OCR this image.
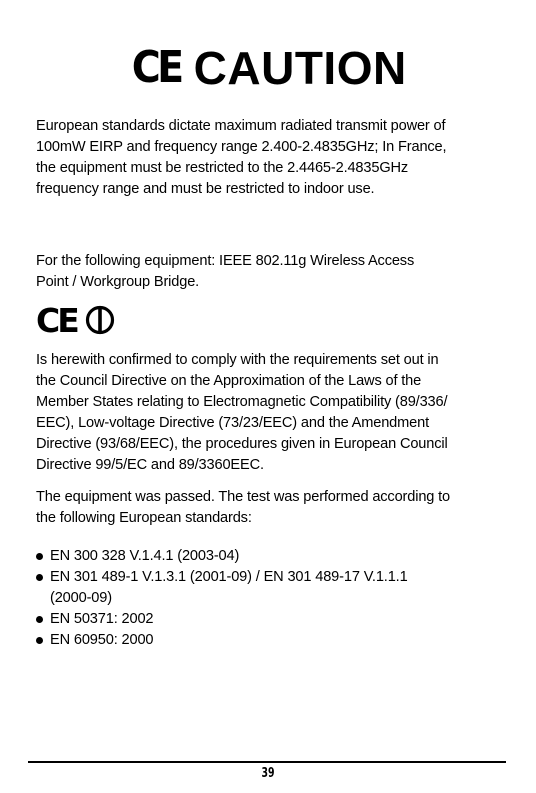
CE CAUTION
European standards dictate maximum radiated transmit power of
100mW EIRP and frequency range 2.400-2.4835GHz; In France,
the equipment must be restricted to the 2.4465-2.4835GHz
frequency range and must be restricted to indoor use.
For the following equipment: IEEE 802.11g Wireless Access
Point / Workgroup Bridge.
CE
Is herewith confirmed to comply with the requirements set out in
the Council Directive on the Approximation of the Laws of the
Member States relating to Electromagnetic Compatibility (89/336/
EEC), Low-voltage Directive (73/23/EEC) and the Amendment
Directive (93/68/EEC), the procedures given in European Council
Directive 99/5/EC and 89/3360EEC.
The equipment was passed. The test was performed according to
the following European standards:
EN 300 328 V.1.4.1 (2003-04)
EN 301 489-1 V.1.3.1 (2001-09) / EN 301 489-17 V.1.1.1
(2000-09)
EN 50371: 2002
EN 60950: 2000
39
